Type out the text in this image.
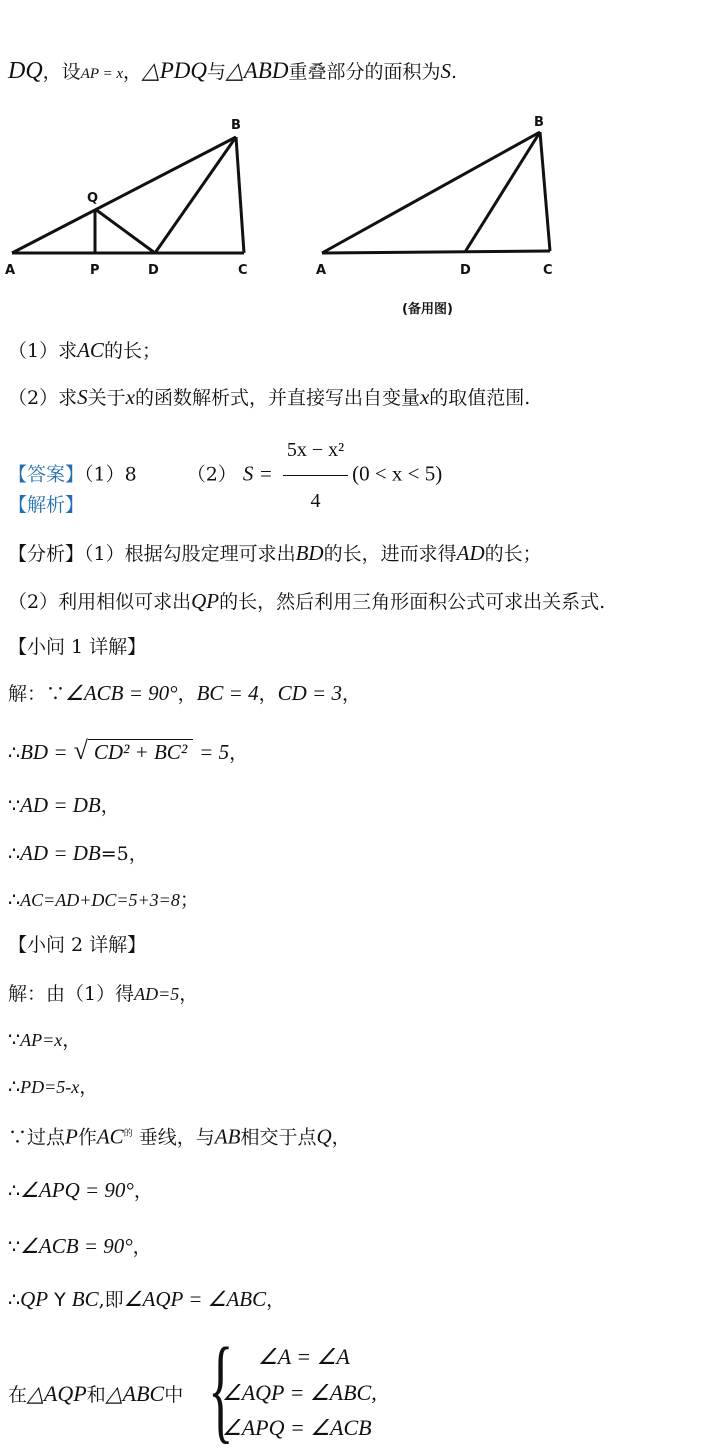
DQ，设AP = x，△PDQ与△ABD重叠部分的面积为S.
A	P	D	C
Q
B
A	D	C
B
(备用图)
（1）求AC的长；
（2）求S关于x的函数解析式，并直接写出自变量x的取值范围.
【答案】（1）8	（2） $S = \frac{\text{5x − x²}}{4} (0 < x < 5)$
【解析】
【分析】（1）根据勾股定理可求出BD的长，进而求得AD的长；
（2）利用相似可求出QP的长，然后利用三角形面积公式可求出关系式.
【小问 1 详解】
解：∵∠ACB = 90°，BC = 4，CD = 3，
∴BD = √ CD² + BC² = 5，
∵AD = DB，
∴AD = DB=5，
∴AC=AD+DC=5+3=8；
【小问 2 详解】
解：由（1）得AD=5，
∵AP=x，
∴PD=5-x，
∵过点P作$AC^的$ 垂线，与AB相交于点Q，
∴∠APQ = 90°，
∵∠ACB = 90°，
∴QP Y BC,即∠AQP = ∠ABC，
在△AQP和△ABC中 { ∠A = ∠A
∠AQP = ∠ABC,
∠APQ = ∠ACB
